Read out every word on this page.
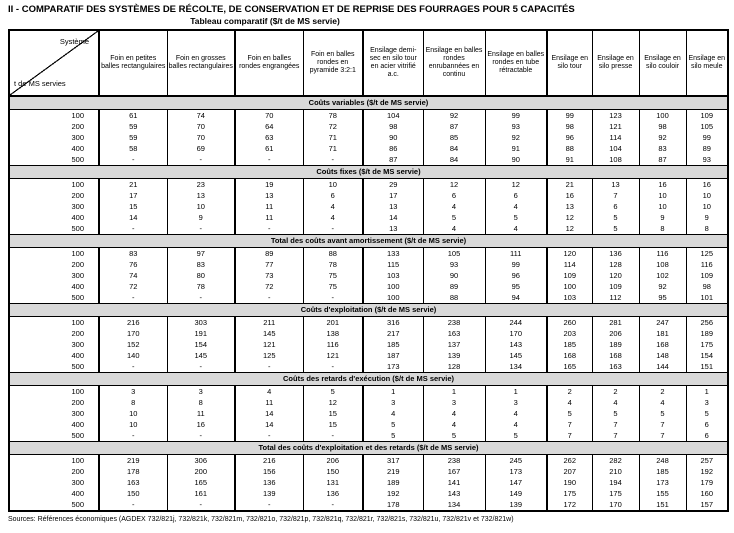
II - COMPARATIF DES SYSTÈMES DE RÉCOLTE, DE CONSERVATION ET DE REPRISE DES FOURRAGES POUR 5 CAPACITÉS
Tableau comparatif ($/t de MS servie)
Système
t de MS servies	Foin en petites balles rectangulaires	Foin en grosses balles rectangulaires	Foin en balles rondes engrangées	Foin en balles rondes en pyramide 3:2:1	Ensilage demi-sec en silo tour en acier vitrifié a.c.	Ensilage en balles rondes enrubannées en continu	Ensilage en balles rondes en tube rétractable	Ensilage en silo tour	Ensilage en silo presse	Ensilage en silo couloir	Ensilage en silo meule
Coûts variables ($/t de MS servie)											
100	61	74	70	78	104	92	99	99	123	100	109
200	59	70	64	72	98	87	93	98	121	98	105
300	59	70	63	71	90	85	92	96	114	92	99
400	58	69	61	71	86	84	91	88	104	83	89
500	-	-	-	-	87	84	90	91	108	87	93
Coûts fixes ($/t de MS servie)											
100	21	23	19	10	29	12	12	21	13	16	16
200	17	13	13	6	17	6	6	16	7	10	10
300	15	10	11	4	13	4	4	13	6	10	10
400	14	9	11	4	14	5	5	12	5	9	9
500	-	-	-	-	13	4	4	12	5	8	8
Total des coûts avant amortissement ($/t de MS servie)											
100	83	97	89	88	133	105	111	120	136	116	125
200	76	83	77	78	115	93	99	114	128	108	116
300	74	80	73	75	103	90	96	109	120	102	109
400	72	78	72	75	100	89	95	100	109	92	98
500	-	-	-	-	100	88	94	103	112	95	101
Coûts d'exploitation ($/t de MS servie)											
100	216	303	211	201	316	238	244	260	281	247	256
200	170	191	145	138	217	163	170	203	206	181	189
300	152	154	121	116	185	137	143	185	189	168	175
400	140	145	125	121	187	139	145	168	168	148	154
500	-	-	-	-	173	128	134	165	163	144	151
Coûts des retards d'exécution ($/t de MS servie)											
100	3	3	4	5	1	1	1	2	2	2	1
200	8	8	11	12	3	3	3	4	4	4	3
300	10	11	14	15	4	4	4	5	5	5	5
400	10	16	14	15	5	4	4	7	7	7	6
500	-	-	-	-	5	5	5	7	7	7	6
Total des coûts d'exploitation et des retards ($/t de MS servie)											
100	219	306	216	206	317	238	245	262	282	248	257
200	178	200	156	150	219	167	173	207	210	185	192
300	163	165	136	131	189	141	147	190	194	173	179
400	150	161	139	136	192	143	149	175	175	155	160
500	-	-	-	-	178	134	139	172	170	151	157
Sources: Références économiques (AGDEX 732/821j, 732/821k, 732/821m, 732/821o, 732/821p, 732/821q, 732/821r, 732/821s, 732/821u, 732/821v et 732/821w)
